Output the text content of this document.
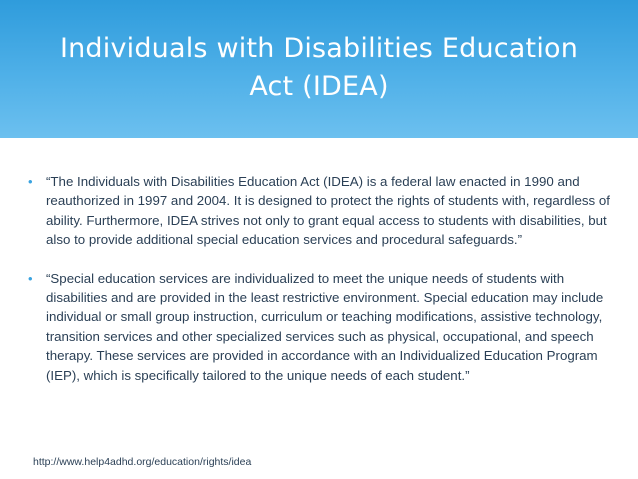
Individuals with Disabilities Education
Act (IDEA)
• “The Individuals with Disabilities Education Act (IDEA) is a federal law enacted in 1990 and reauthorized in 1997 and 2004. It is designed to protect the rights of students with, regardless of ability. Furthermore, IDEA strives not only to grant equal access to students with disabilities, but also to provide additional special education services and procedural safeguards.”
• “Special education services are individualized to meet the unique needs of students with disabilities and are provided in the least restrictive environment. Special education may include individual or small group instruction, curriculum or teaching modifications, assistive technology, transition services and other specialized services such as physical, occupational, and speech therapy. These services are provided in accordance with an Individualized Education Program (IEP), which is specifically tailored to the unique needs of each student.”
http://www.help4adhd.org/education/rights/idea
